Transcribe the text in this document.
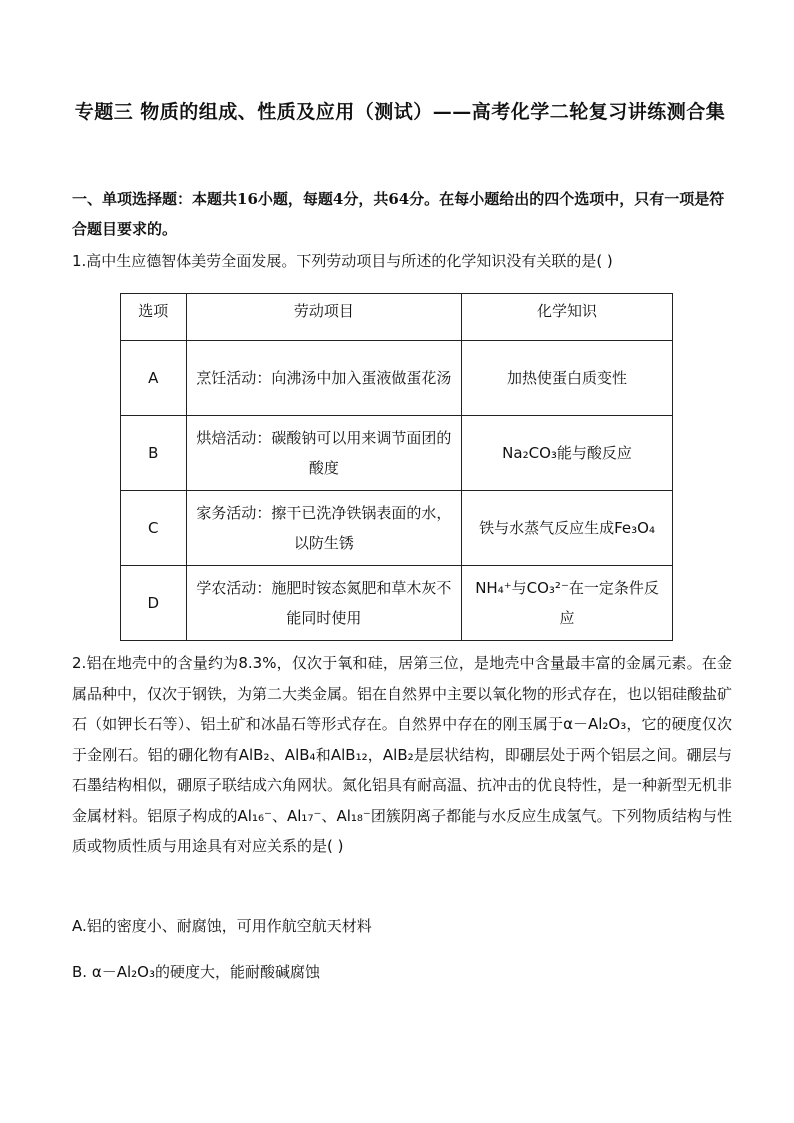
专题三 物质的组成、性质及应用（测试）——高考化学二轮复习讲练测合集
一、单项选择题：本题共16小题，每题4分，共64分。在每小题给出的四个选项中，只有一项是符合题目要求的。
1.高中生应德智体美劳全面发展。下列劳动项目与所述的化学知识没有关联的是( )
选项	劳动项目	化学知识
A	烹饪活动：向沸汤中加入蛋液做蛋花汤	加热使蛋白质变性
B	烘焙活动：碳酸钠可以用来调节面团的酸度	Na₂CO₃能与酸反应
C	家务活动：擦干已洗净铁锅表面的水，以防生锈	铁与水蒸气反应生成Fe₃O₄
D	学农活动：施肥时铵态氮肥和草木灰不能同时使用	NH₄⁺与CO₃²⁻在一定条件反应
2.铝在地壳中的含量约为8.3%，仅次于氧和硅，居第三位，是地壳中含量最丰富的金属元素。在金属品种中，仅次于钢铁，为第二大类金属。铝在自然界中主要以氧化物的形式存在，也以铝硅酸盐矿石（如钾长石等）、铝土矿和冰晶石等形式存在。自然界中存在的刚玉属于α－Al₂O₃，它的硬度仅次于金刚石。铝的硼化物有AlB₂、AlB₄和AlB₁₂，AlB₂是层状结构，即硼层处于两个铝层之间。硼层与石墨结构相似，硼原子联结成六角网状。氮化铝具有耐高温、抗冲击的优良特性，是一种新型无机非金属材料。铝原子构成的Al₁₆⁻、Al₁₇⁻、Al₁₈⁻团簇阴离子都能与水反应生成氢气。下列物质结构与性质或物质性质与用途具有对应关系的是( )
A.铝的密度小、耐腐蚀，可用作航空航天材料
B. α－Al₂O₃的硬度大，能耐酸碱腐蚀
